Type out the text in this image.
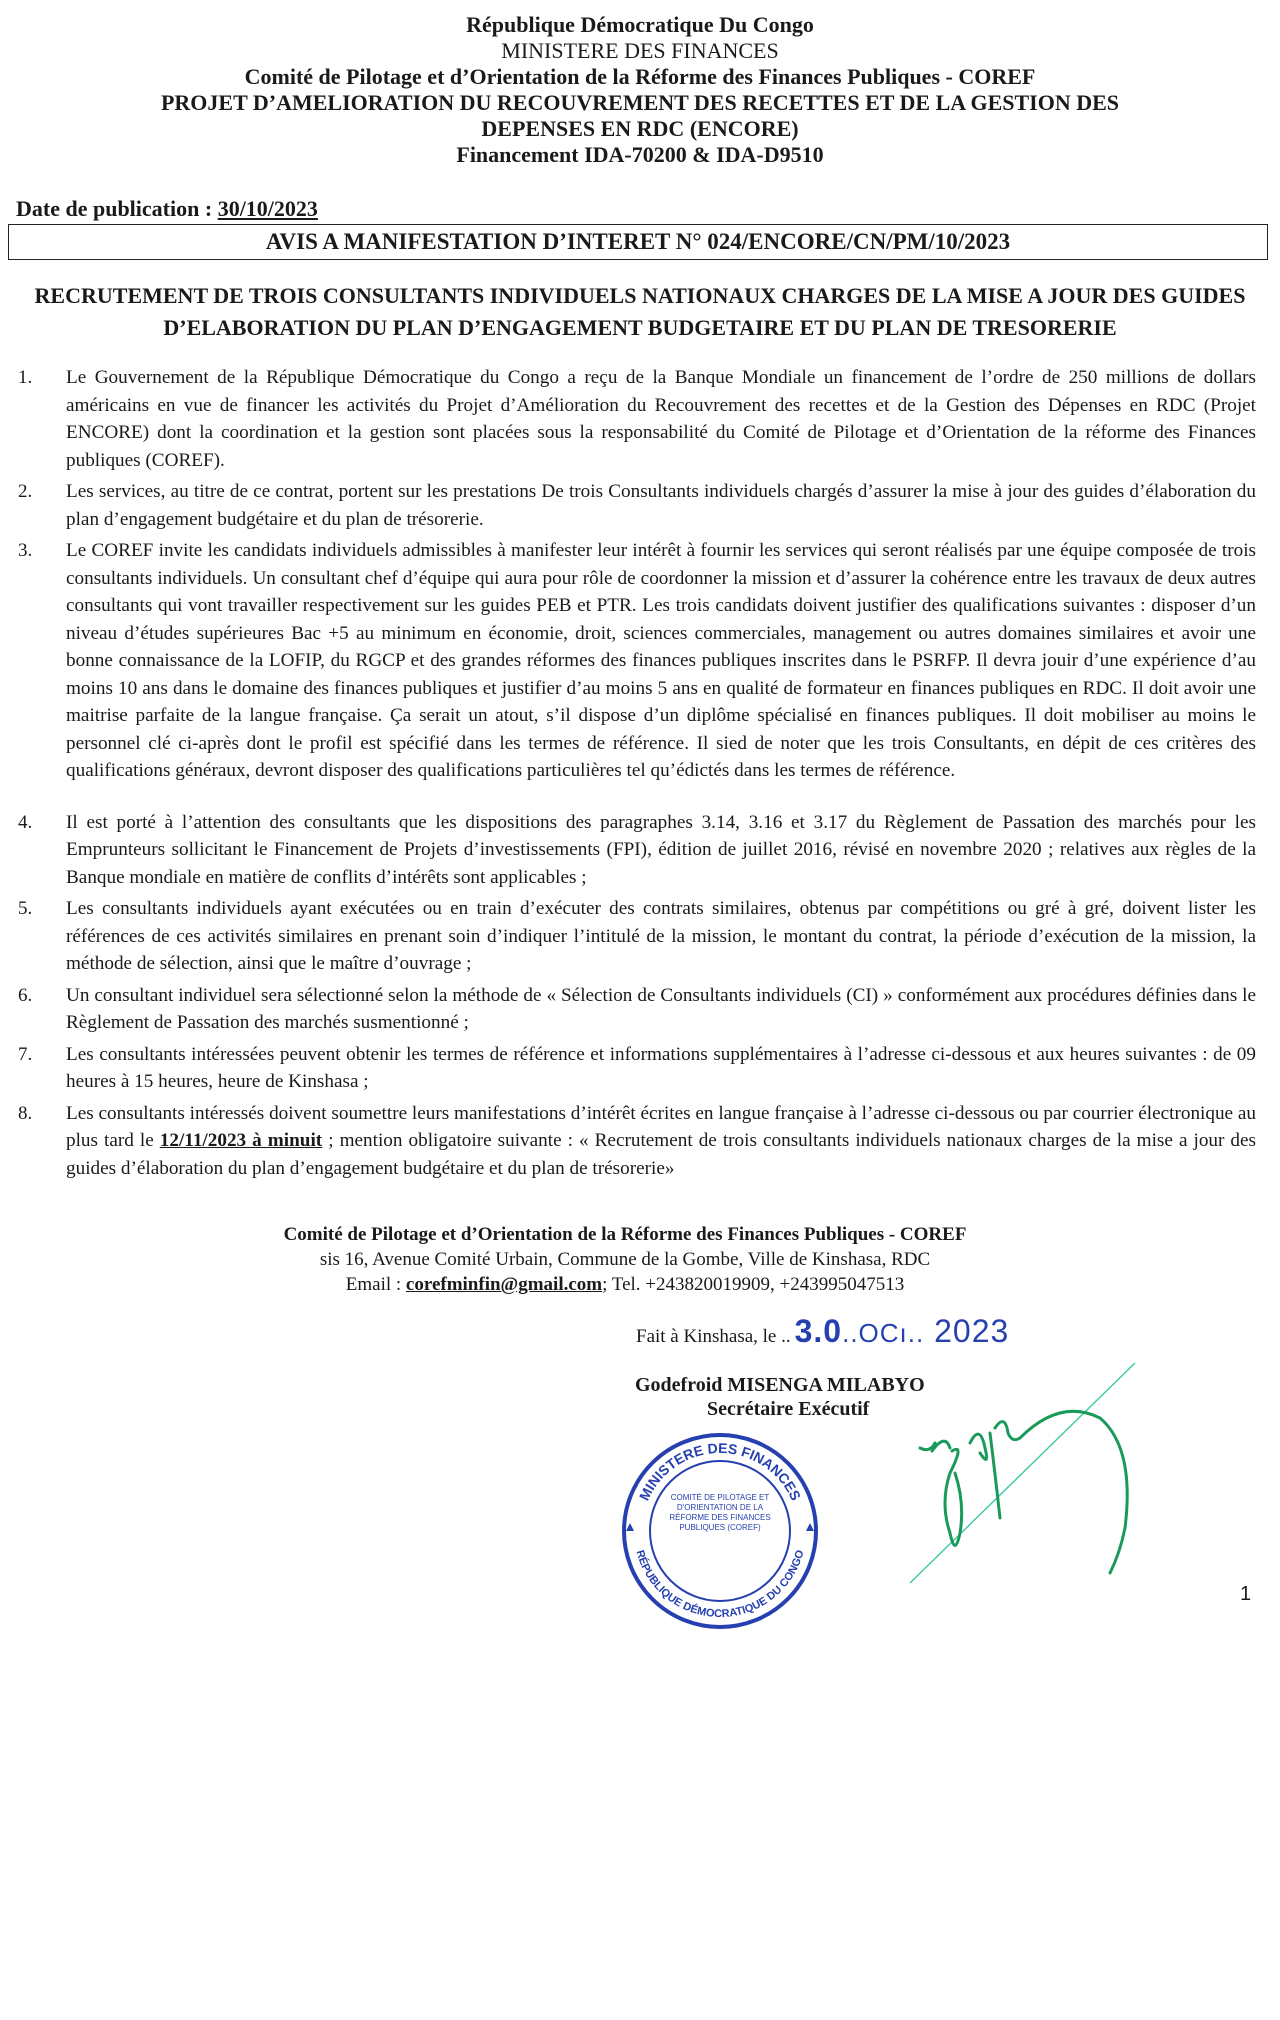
République Démocratique Du Congo
MINISTERE DES FINANCES
Comité de Pilotage et d’Orientation de la Réforme des Finances Publiques - COREF
PROJET D’AMELIORATION DU RECOUVREMENT DES RECETTES ET DE LA GESTION DES
DEPENSES EN RDC (ENCORE)
Financement IDA-70200 & IDA-D9510
Date de publication : 30/10/2023
AVIS A MANIFESTATION D’INTERET N° 024/ENCORE/CN/PM/10/2023
RECRUTEMENT DE TROIS CONSULTANTS INDIVIDUELS NATIONAUX CHARGES DE LA MISE A JOUR DES GUIDES D’ELABORATION DU PLAN D’ENGAGEMENT BUDGETAIRE ET DU PLAN DE TRESORERIE
1.	Le Gouvernement de la République Démocratique du Congo a reçu de la Banque Mondiale un financement de l’ordre de 250 millions de dollars américains en vue de financer les activités du Projet d’Amélioration du Recouvrement des recettes et de la Gestion des Dépenses en RDC (Projet ENCORE) dont la coordination et la gestion sont placées sous la responsabilité du Comité de Pilotage et d’Orientation de la réforme des Finances publiques (COREF).
2.	Les services, au titre de ce contrat, portent sur les prestations De trois Consultants individuels chargés d’assurer la mise à jour des guides d’élaboration du plan d’engagement budgétaire et du plan de trésorerie.
3.	Le COREF invite les candidats individuels admissibles à manifester leur intérêt à fournir les services qui seront réalisés par une équipe composée de trois consultants individuels. Un consultant chef d’équipe qui aura pour rôle de coordonner la mission et d’assurer la cohérence entre les travaux de deux autres consultants qui vont travailler respectivement sur les guides PEB et PTR. Les trois candidats doivent justifier des qualifications suivantes : disposer d’un niveau d’études supérieures Bac +5 au minimum en économie, droit, sciences commerciales, management ou autres domaines similaires et avoir une bonne connaissance de la LOFIP, du RGCP et des grandes réformes des finances publiques inscrites dans le PSRFP. Il devra jouir d’une expérience d’au moins 10 ans dans le domaine des finances publiques et justifier d’au moins 5 ans en qualité de formateur en finances publiques en RDC. Il doit avoir une maitrise parfaite de la langue française. Ça serait un atout, s’il dispose d’un diplôme spécialisé en finances publiques. Il doit mobiliser au moins le personnel clé ci-après dont le profil est spécifié dans les termes de référence. Il sied de noter que les trois Consultants, en dépit de ces critères des qualifications généraux, devront disposer des qualifications particulières tel qu’édictés dans les termes de référence.
4.	Il est porté à l’attention des consultants que les dispositions des paragraphes 3.14, 3.16 et 3.17 du Règlement de Passation des marchés pour les Emprunteurs sollicitant le Financement de Projets d’investissements (FPI), édition de juillet 2016, révisé en novembre 2020 ; relatives aux règles de la Banque mondiale en matière de conflits d’intérêts sont applicables ;
5.	Les consultants individuels ayant exécutées ou en train d’exécuter des contrats similaires, obtenus par compétitions ou gré à gré, doivent lister les références de ces activités similaires en prenant soin d’indiquer l’intitulé de la mission, le montant du contrat, la période d’exécution de la mission, la méthode de sélection, ainsi que le maître d’ouvrage ;
6.	Un consultant individuel sera sélectionné selon la méthode de « Sélection de Consultants individuels (CI) » conformément aux procédures définies dans le Règlement de Passation des marchés susmentionné ;
7.	Les consultants intéressées peuvent obtenir les termes de référence et informations supplémentaires à l’adresse ci-dessous et aux heures suivantes : de 09 heures à 15 heures, heure de Kinshasa ;
8.	Les consultants intéressés doivent soumettre leurs manifestations d’intérêt écrites en langue française à l’adresse ci-dessous ou par courrier électronique au plus tard le 12/11/2023 à minuit ; mention obligatoire suivante : « Recrutement de trois consultants individuels nationaux charges de la mise a jour des guides d’élaboration du plan d’engagement budgétaire et du plan de trésorerie»
Comité de Pilotage et d’Orientation de la Réforme des Finances Publiques - COREF
sis 16, Avenue Comité Urbain, Commune de la Gombe, Ville de Kinshasa, RDC
Email : corefminfin@gmail.com; Tel. +243820019909, +243995047513
Fait à Kinshasa, le .. 3.0..OCı.. 2023
Godefroid MISENGA MILABYO
Secrétaire Exécutif
MINISTERE DES FINANCES
RÉPUBLIQUE DÉMOCRATIQUE DU CONGO
COMITÉ DE PILOTAGE ET D'ORIENTATION DE LA RÉFORME DES FINANCES PUBLIQUES (COREF)
1
